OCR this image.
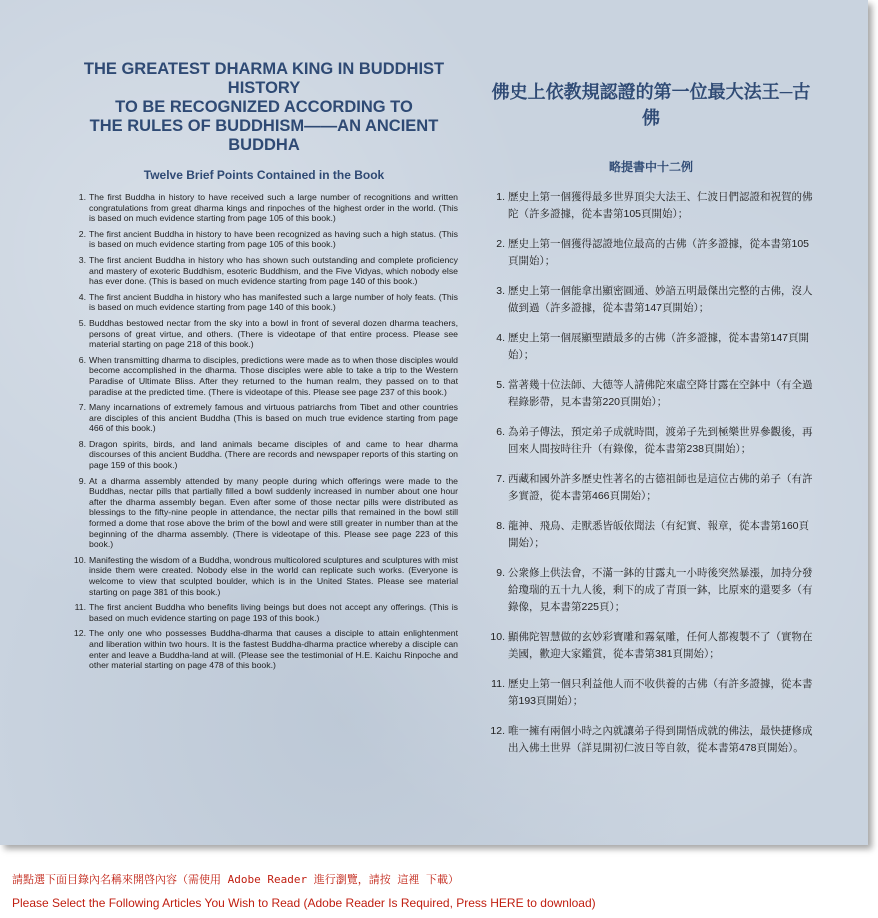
THE GREATEST DHARMA KING IN BUDDHIST HISTORY
TO BE RECOGNIZED ACCORDING TO
THE RULES OF BUDDHISM——AN ANCIENT BUDDHA
Twelve Brief Points Contained in the Book
1. The first Buddha in history to have received such a large number of recognitions and written congratulations from great dharma kings and rinpoches of the highest order in the world. (This is based on much evidence starting from page 105 of this book.)
2. The first ancient Buddha in history to have been recognized as having such a high status. (This is based on much evidence starting from page 105 of this book.)
3. The first ancient Buddha in history who has shown such outstanding and complete proficiency and mastery of exoteric Buddhism, esoteric Buddhism, and the Five Vidyas, which nobody else has ever done. (This is based on much evidence starting from page 140 of this book.)
4. The first ancient Buddha in history who has manifested such a large number of holy feats. (This is based on much evidence starting from page 140 of this book.)
5. Buddhas bestowed nectar from the sky into a bowl in front of several dozen dharma teachers, persons of great virtue, and others. (There is videotape of that entire process. Please see material starting on page 218 of this book.)
6. When transmitting dharma to disciples, predictions were made as to when those disciples would become accomplished in the dharma. Those disciples were able to take a trip to the Western Paradise of Ultimate Bliss. After they returned to the human realm, they passed on to that paradise at the predicted time. (There is videotape of this. Please see page 237 of this book.)
7. Many incarnations of extremely famous and virtuous patriarchs from Tibet and other countries are disciples of this ancient Buddha (This is based on much true evidence starting from page 466 of this book.)
8. Dragon spirits, birds, and land animals became disciples of and came to hear dharma discourses of this ancient Buddha. (There are records and newspaper reports of this starting on page 159 of this book.)
9. At a dharma assembly attended by many people during which offerings were made to the Buddhas, nectar pills that partially filled a bowl suddenly increased in number about one hour after the dharma assembly began. Even after some of those nectar pills were distributed as blessings to the fifty-nine people in attendance, the nectar pills that remained in the bowl still formed a dome that rose above the brim of the bowl and were still greater in number than at the beginning of the dharma assembly. (There is videotape of this. Please see page 223 of this book.)
10. Manifesting the wisdom of a Buddha, wondrous multicolored sculptures and sculptures with mist inside them were created. Nobody else in the world can replicate such works. (Everyone is welcome to view that sculpted boulder, which is in the United States. Please see material starting on page 381 of this book.)
11. The first ancient Buddha who benefits living beings but does not accept any offerings. (This is based on much evidence starting on page 193 of this book.)
12. The only one who possesses Buddha-dharma that causes a disciple to attain enlightenment and liberation within two hours. It is the fastest Buddha-dharma practice whereby a disciple can enter and leave a Buddha-land at will. (Please see the testimonial of H.E. Kaichu Rinpoche and other material starting on page 478 of this book.)
佛史上依教規認證的第一位最大法王─古佛
略提書中十二例
1. 歷史上第一個獲得最多世界頂尖大法王、仁波日們認證和祝賀的佛陀（許多證據，從本書第105頁開始）；
2. 歷史上第一個獲得認證地位最高的古佛（許多證據，從本書第105頁開始）；
3. 歷史上第一個能拿出顯密圓通、妙諳五明最傑出完整的古佛，沒人做到過（許多證據，從本書第147頁開始）；
4. 歷史上第一個展顯聖蹟最多的古佛（許多證據，從本書第147頁開始）；
5. 當著幾十位法師、大德等人請佛陀來虛空降甘露在空鉢中（有全過程錄影帶，見本書第220頁開始）；
6. 為弟子傳法，預定弟子成就時間，渡弟子先到極樂世界參觀後，再回來人間按時往升（有錄像，從本書第238頁開始）；
7. 西藏和國外許多歷史性著名的古德祖師也是這位古佛的弟子（有許多實證，從本書第466頁開始）；
8. 龍神、飛鳥、走獸悉皆皈依聞法（有紀實、報章，從本書第160頁開始）；
9. 公衆修上供法會，不滿一鉢的甘露丸一小時後突然暴漲，加持分發給瓊瑞的五十九人後，剩下的成了青頂一鉢，比原來的還要多（有錄像，見本書第225頁）；
10. 顯佛陀智慧做的玄妙彩寶雕和霧氣雕，任何人都複製不了（實物在美國，歡迎大家鑑賞，從本書第381頁開始）；
11. 歷史上第一個只利益他人而不收供養的古佛（有許多證據，從本書第193頁開始）；
12. 唯一擁有兩個小時之內就讓弟子得到開悟成就的佛法，最快捷修成出入佛土世界（詳見開初仁波日等自敘，從本書第478頁開始）。
請點選下面目錄內名稱來開啓內容（需使用 Adobe Reader 進行瀏覽，請按 這裡 下載）
Please Select the Following Articles You Wish to Read (Adobe Reader Is Required, Press HERE to download)
